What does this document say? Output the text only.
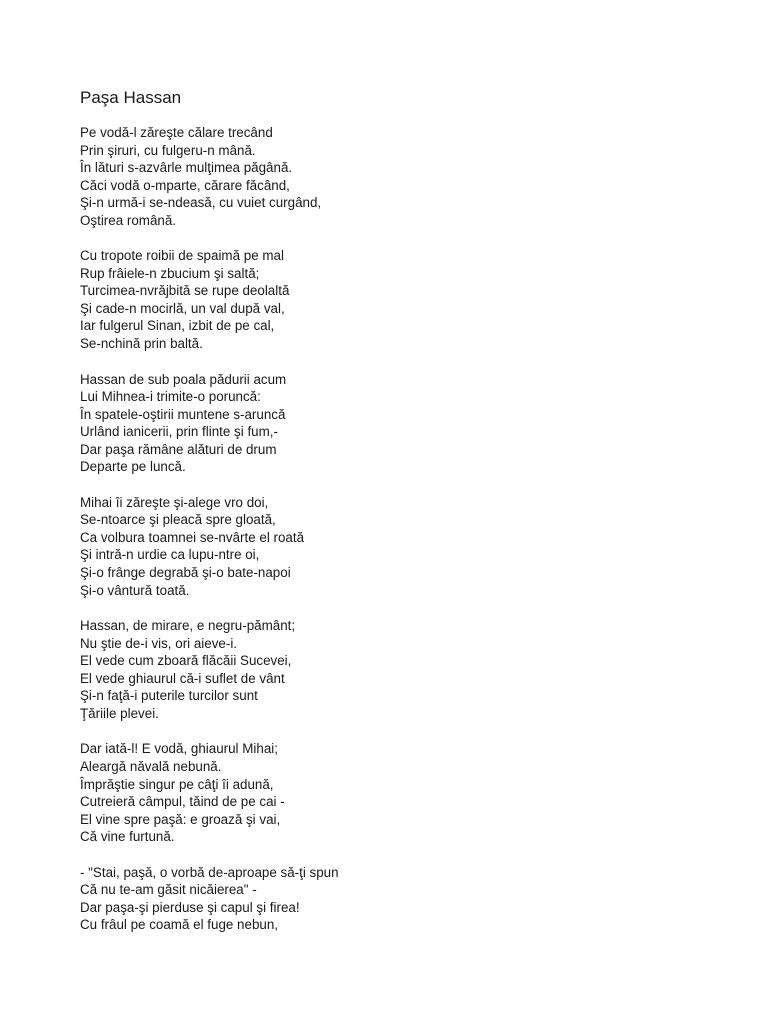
Paşa Hassan
Pe vodă-l zăreşte călare trecând
Prin şiruri, cu fulgeru-n mână.
În lături s-azvârle mulţimea păgână.
Căci vodă o-mparte, cărare făcând,
Şi-n urmă-i se-ndeasă, cu vuiet curgând,
Oştirea română.
Cu tropote roibii de spaimă pe mal
Rup frâiele-n zbucium şi saltă;
Turcimea-nvrăjbită se rupe deolaltă
Şi cade-n mocirlă, un val după val,
Iar fulgerul Sinan, izbit de pe cal,
Se-nchină prin baltă.
Hassan de sub poala pădurii acum
Lui Mihnea-i trimite-o poruncă:
În spatele-oştirii muntene s-aruncă
Urlând ianicerii, prin flinte şi fum,-
Dar paşa rămâne alături de drum
Departe pe luncă.
Mihai îi zăreşte şi-alege vro doi,
Se-ntoarce şi pleacă spre gloată,
Ca volbura toamnei se-nvârte el roată
Şi intră-n urdie ca lupu-ntre oi,
Şi-o frânge degrabă şi-o bate-napoi
Şi-o vântură toată.
Hassan, de mirare, e negru-pământ;
Nu ştie de-i vis, ori aieve-i.
El vede cum zboară flăcăii Sucevei,
El vede ghiaurul că-i suflet de vânt
Şi-n faţă-i puterile turcilor sunt
Ţăriile plevei.
Dar iată-l! E vodă, ghiaurul Mihai;
Aleargă năvală nebună.
Împrăştie singur pe câţi îi adună,
Cutreieră câmpul, tăind de pe cai -
El vine spre paşă: e groază şi vai,
Că vine furtună.
- "Stai, paşă, o vorbă de-aproape să-ţi spun
Că nu te-am găsit nicăierea" -
Dar paşa-şi pierduse şi capul şi firea!
Cu frâul pe coamă el fuge nebun,
